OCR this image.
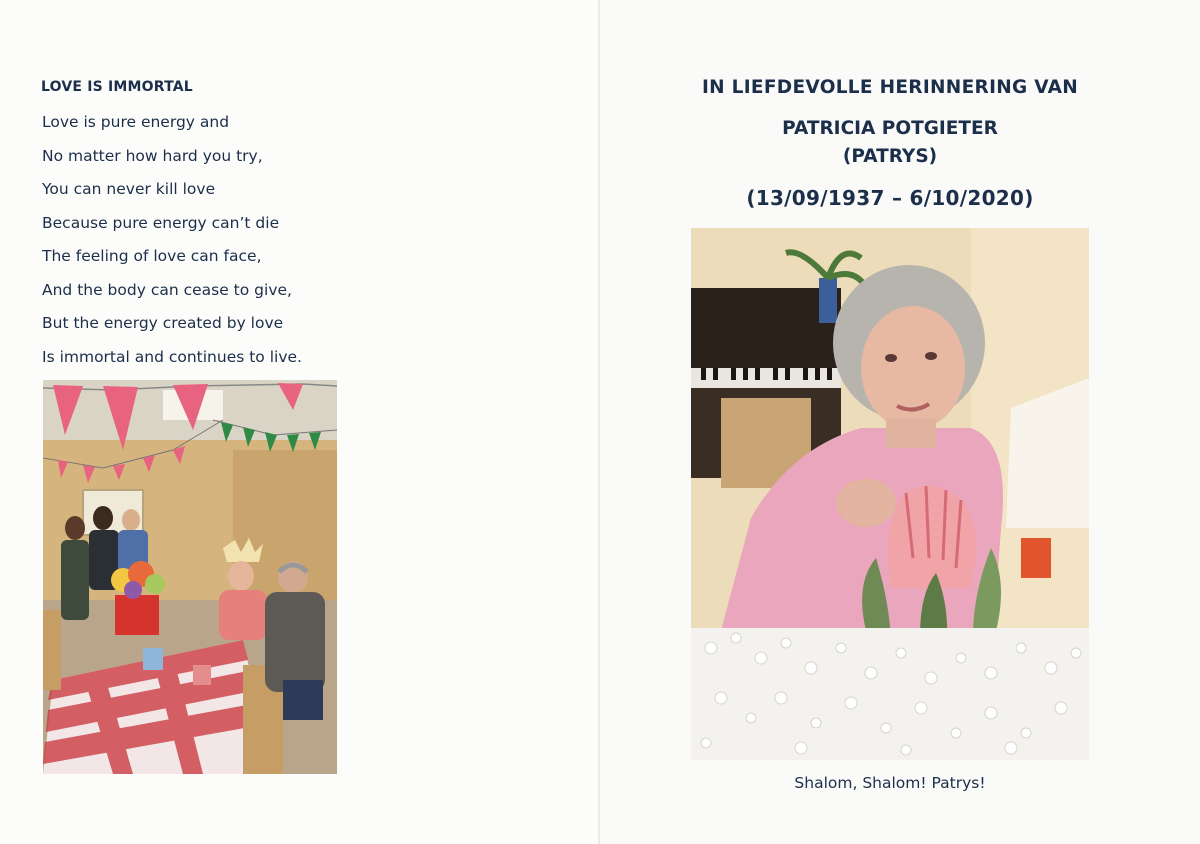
LOVE IS IMMORTAL
Love is pure energy and
No matter how hard you try,
You can never kill love
Because pure energy can’t die
The feeling of love can face,
And the body can cease to give,
But the energy created by love
Is immortal and continues to live.
IN LIEFDEVOLLE HERINNERING VAN
PATRICIA POTGIETER
(PATRYS)
(13/09/1937 – 6/10/2020)

Shalom, Shalom! Patrys!
